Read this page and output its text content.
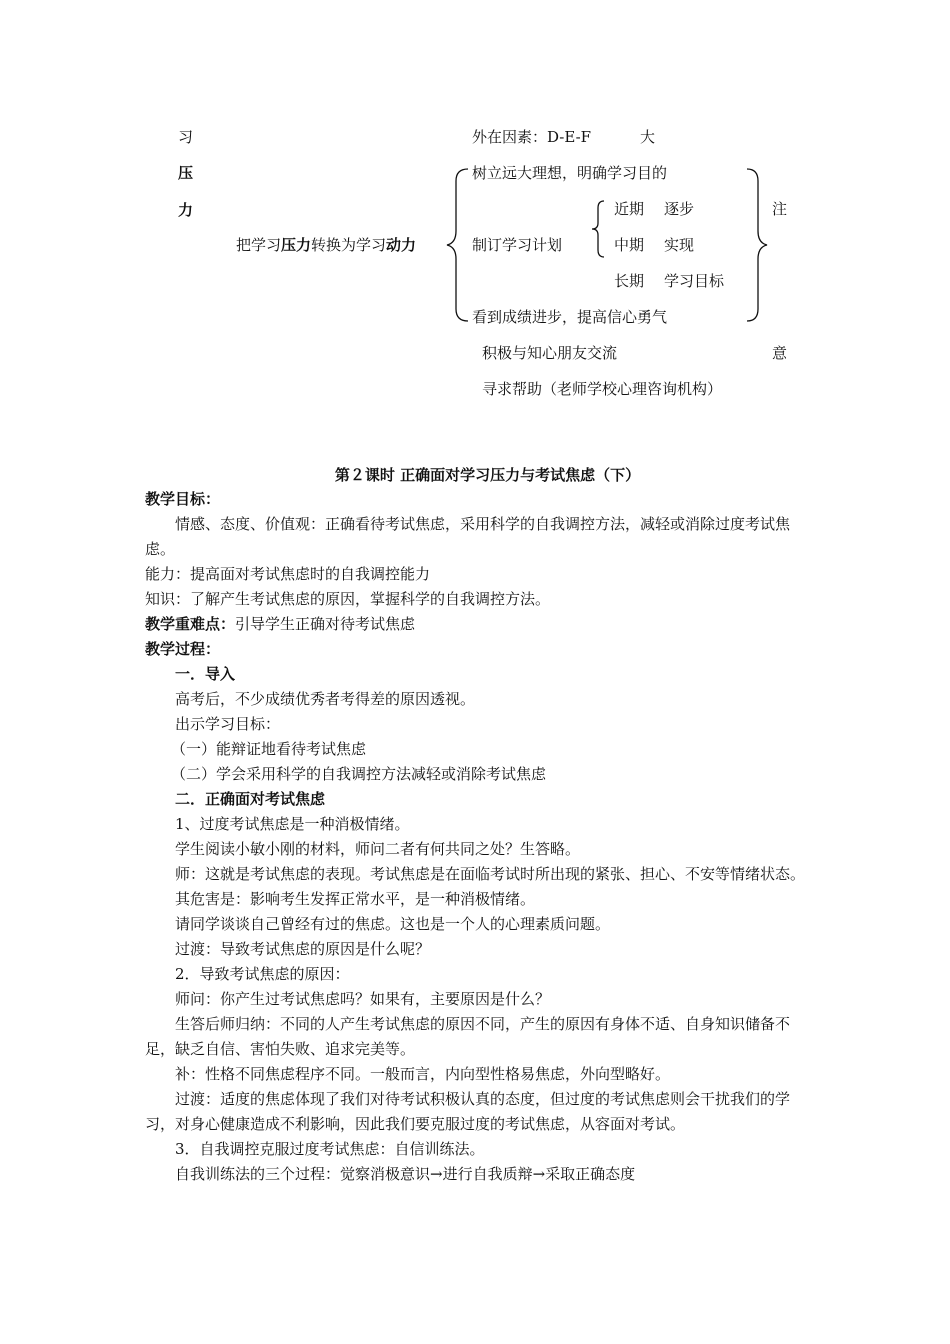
习
压
力
外在因素：D-E-F	大
把学习压力转换为学习动力
树立远大理想，明确学习目的
制订学习计划
看到成绩进步，提高信心勇气
近期
中期
长期
逐步
实现
学习目标
注
意
积极与知心朋友交流
寻求帮助（老师学校心理咨询机构）
第２课时 正确面对学习压力与考试焦虑（下）
教学目标：
情感、态度、价值观：正确看待考试焦虑，采用科学的自我调控方法，减轻或消除过度考试焦虑。
能力：提高面对考试焦虑时的自我调控能力
知识：了解产生考试焦虑的原因，掌握科学的自我调控方法。
教学重难点：引导学生正确对待考试焦虑
教学过程：
一．导入
高考后，不少成绩优秀者考得差的原因透视。
出示学习目标：
（一）能辩证地看待考试焦虑
（二）学会采用科学的自我调控方法减轻或消除考试焦虑
二．正确面对考试焦虑
1、过度考试焦虑是一种消极情绪。
学生阅读小敏小刚的材料，师问二者有何共同之处？生答略。
师：这就是考试焦虑的表现。考试焦虑是在面临考试时所出现的紧张、担心、不安等情绪状态。
其危害是：影响考生发挥正常水平，是一种消极情绪。
请同学谈谈自己曾经有过的焦虑。这也是一个人的心理素质问题。
过渡：导致考试焦虑的原因是什么呢？
2．导致考试焦虑的原因：
师问：你产生过考试焦虑吗？如果有，主要原因是什么？
生答后师归纳：不同的人产生考试焦虑的原因不同，产生的原因有身体不适、自身知识储备不足，缺乏自信、害怕失败、追求完美等。
补：性格不同焦虑程序不同。一般而言，内向型性格易焦虑，外向型略好。
过渡：适度的焦虑体现了我们对待考试积极认真的态度，但过度的考试焦虑则会干扰我们的学习，对身心健康造成不利影响，因此我们要克服过度的考试焦虑，从容面对考试。
3．自我调控克服过度考试焦虑：自信训练法。
自我训练法的三个过程：觉察消极意识→进行自我质辩→采取正确态度
